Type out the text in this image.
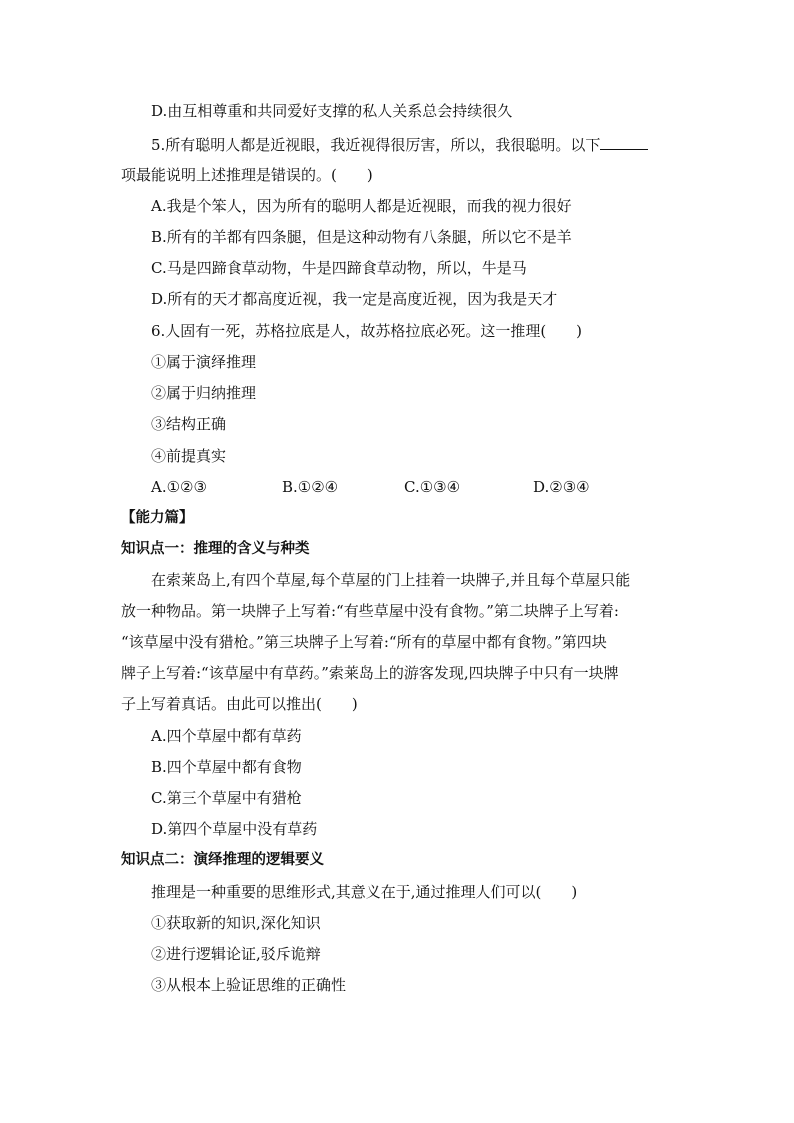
D.由互相尊重和共同爱好支撑的私人关系总会持续很久
5.所有聪明人都是近视眼，我近视得很厉害，所以，我很聪明。以下
项最能说明上述推理是错误的。(　　)
A.我是个笨人，因为所有的聪明人都是近视眼，而我的视力很好
B.所有的羊都有四条腿，但是这种动物有八条腿，所以它不是羊
C.马是四蹄食草动物，牛是四蹄食草动物，所以，牛是马
D.所有的天才都高度近视，我一定是高度近视，因为我是天才
6.人固有一死，苏格拉底是人，故苏格拉底必死。这一推理(　　)
①属于演绎推理
②属于归纳推理
③结构正确
④前提真实
A.①②③	B.①②④	C.①③④	D.②③④
【能力篇】
知识点一：推理的含义与种类
在索莱岛上,有四个草屋,每个草屋的门上挂着一块牌子,并且每个草屋只能
放一种物品。第一块牌子上写着:“有些草屋中没有食物。”第二块牌子上写着:
“该草屋中没有猎枪。”第三块牌子上写着:“所有的草屋中都有食物。”第四块
牌子上写着:“该草屋中有草药。”索莱岛上的游客发现,四块牌子中只有一块牌
子上写着真话。由此可以推出(　　)
A.四个草屋中都有草药
B.四个草屋中都有食物
C.第三个草屋中有猎枪
D.第四个草屋中没有草药
知识点二：演绎推理的逻辑要义
推理是一种重要的思维形式,其意义在于,通过推理人们可以(　　)
①获取新的知识,深化知识
②进行逻辑论证,驳斥诡辩
③从根本上验证思维的正确性
